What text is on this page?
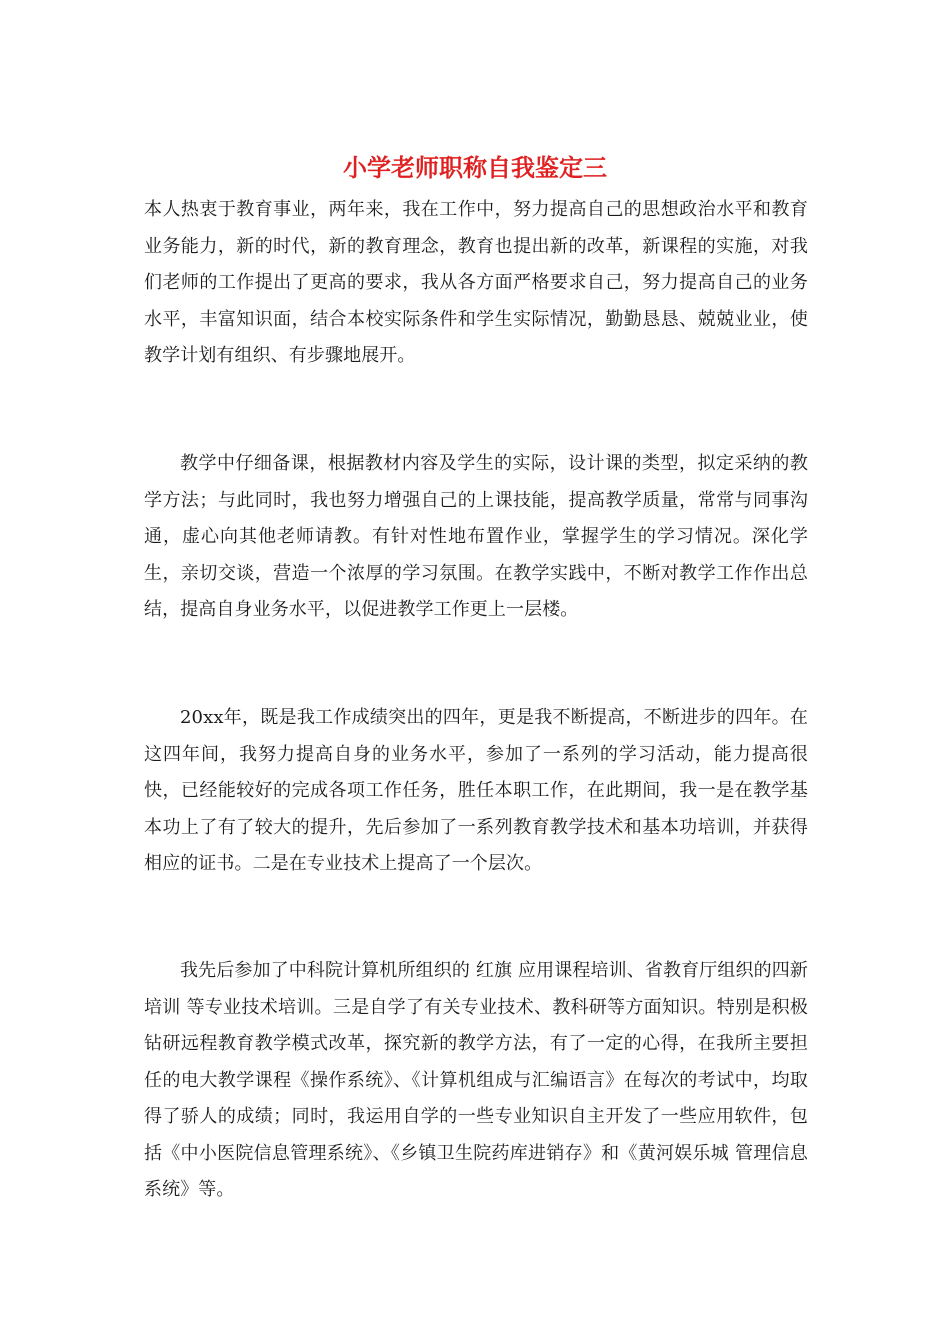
小学老师职称自我鉴定三

本人热衷于教育事业，两年来，我在工作中，努力提高自己的思想政治水平和教育业务能力，新的时代，新的教育理念，教育也提出新的改革，新课程的实施，对我们老师的工作提出了更高的要求，我从各方面严格要求自己，努力提高自己的业务水平，丰富知识面，结合本校实际条件和学生实际情况，勤勤恳恳、兢兢业业，使教学计划有组织、有步骤地展开。

教学中仔细备课，根据教材内容及学生的实际，设计课的类型，拟定采纳的教学方法；与此同时，我也努力增强自己的上课技能，提高教学质量，常常与同事沟通，虚心向其他老师请教。有针对性地布置作业，掌握学生的学习情况。深化学生，亲切交谈，营造一个浓厚的学习氛围。在教学实践中，不断对教学工作作出总结，提高自身业务水平，以促进教学工作更上一层楼。

20xx年，既是我工作成绩突出的四年，更是我不断提高，不断进步的四年。在这四年间，我努力提高自身的业务水平，参加了一系列的学习活动，能力提高很快，已经能较好的完成各项工作任务，胜任本职工作，在此期间，我一是在教学基本功上了有了较大的提升，先后参加了一系列教育教学技术和基本功培训，并获得相应的证书。二是在专业技术上提高了一个层次。

我先后参加了中科院计算机所组织的 红旗 应用课程培训、省教育厅组织的四新培训 等专业技术培训。三是自学了有关专业技术、教科研等方面知识。特别是积极钻研远程教育教学模式改革，探究新的教学方法，有了一定的心得，在我所主要担任的电大教学课程《操作系统》、《计算机组成与汇编语言》在每次的考试中，均取得了骄人的成绩；同时，我运用自学的一些专业知识自主开发了一些应用软件，包括《中小医院信息管理系统》、《乡镇卫生院药库进销存》和《黄河娱乐城 管理信息系统》等。
